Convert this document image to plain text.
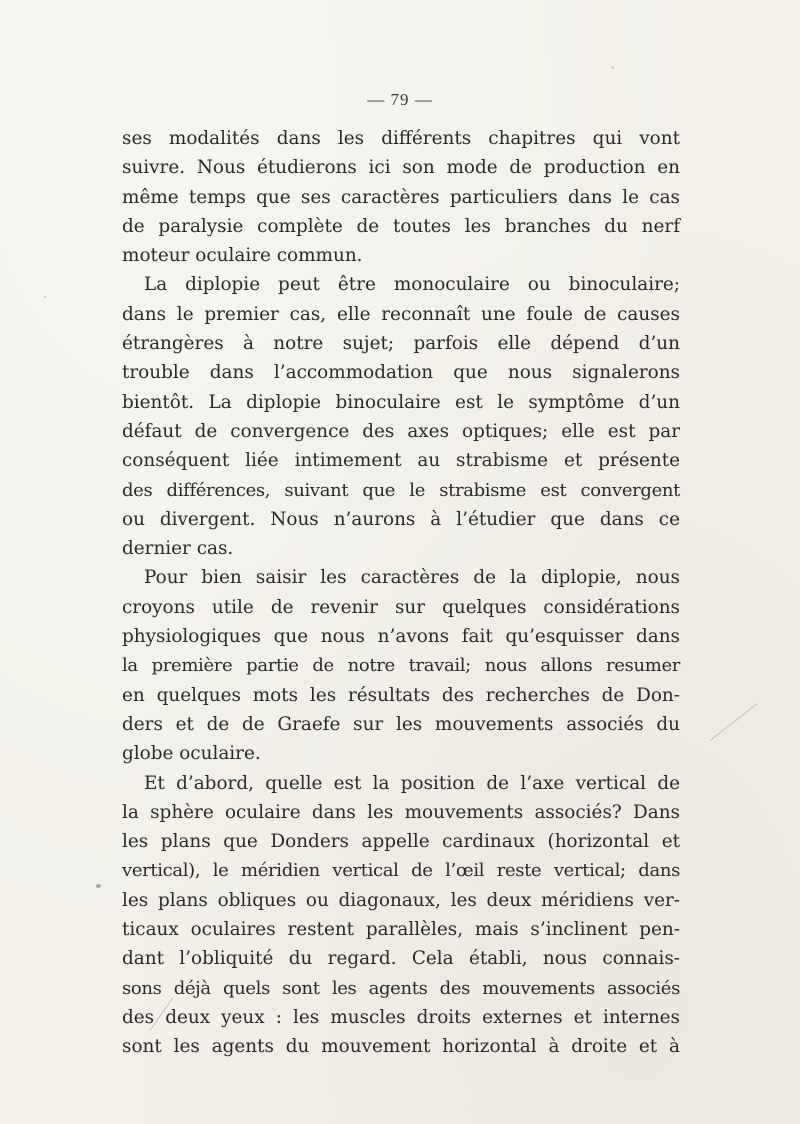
— 79 —
ses modalités dans les différents chapitres qui vont
suivre. Nous étudierons ici son mode de production en
même temps que ses caractères particuliers dans le cas
de paralysie complète de toutes les branches du nerf
moteur oculaire commun.
La diplopie peut être monoculaire ou binoculaire;
dans le premier cas, elle reconnaît une foule de causes
étrangères à notre sujet; parfois elle dépend d’un
trouble dans l’accommodation que nous signalerons
bientôt. La diplopie binoculaire est le symptôme d’un
défaut de convergence des axes optiques; elle est par
conséquent liée intimement au strabisme et présente
des différences, suivant que le strabisme est convergent
ou divergent. Nous n’aurons à l’étudier que dans ce
dernier cas.
Pour bien saisir les caractères de la diplopie, nous
croyons utile de revenir sur quelques considérations
physiologiques que nous n’avons fait qu’esquisser dans
la première partie de notre travail; nous allons resumer
en quelques mots les résultats des recherches de Don-
ders et de de Graefe sur les mouvements associés du
globe oculaire.
Et d’abord, quelle est la position de l’axe vertical de
la sphère oculaire dans les mouvements associés? Dans
les plans que Donders appelle cardinaux (horizontal et
vertical), le méridien vertical de l’œil reste vertical; dans
les plans obliques ou diagonaux, les deux méridiens ver-
ticaux oculaires restent parallèles, mais s’inclinent pen-
dant l’obliquité du regard. Cela établi, nous connais-
sons déjà quels sont les agents des mouvements associés
des deux yeux : les muscles droits externes et internes
sont les agents du mouvement horizontal à droite et à
